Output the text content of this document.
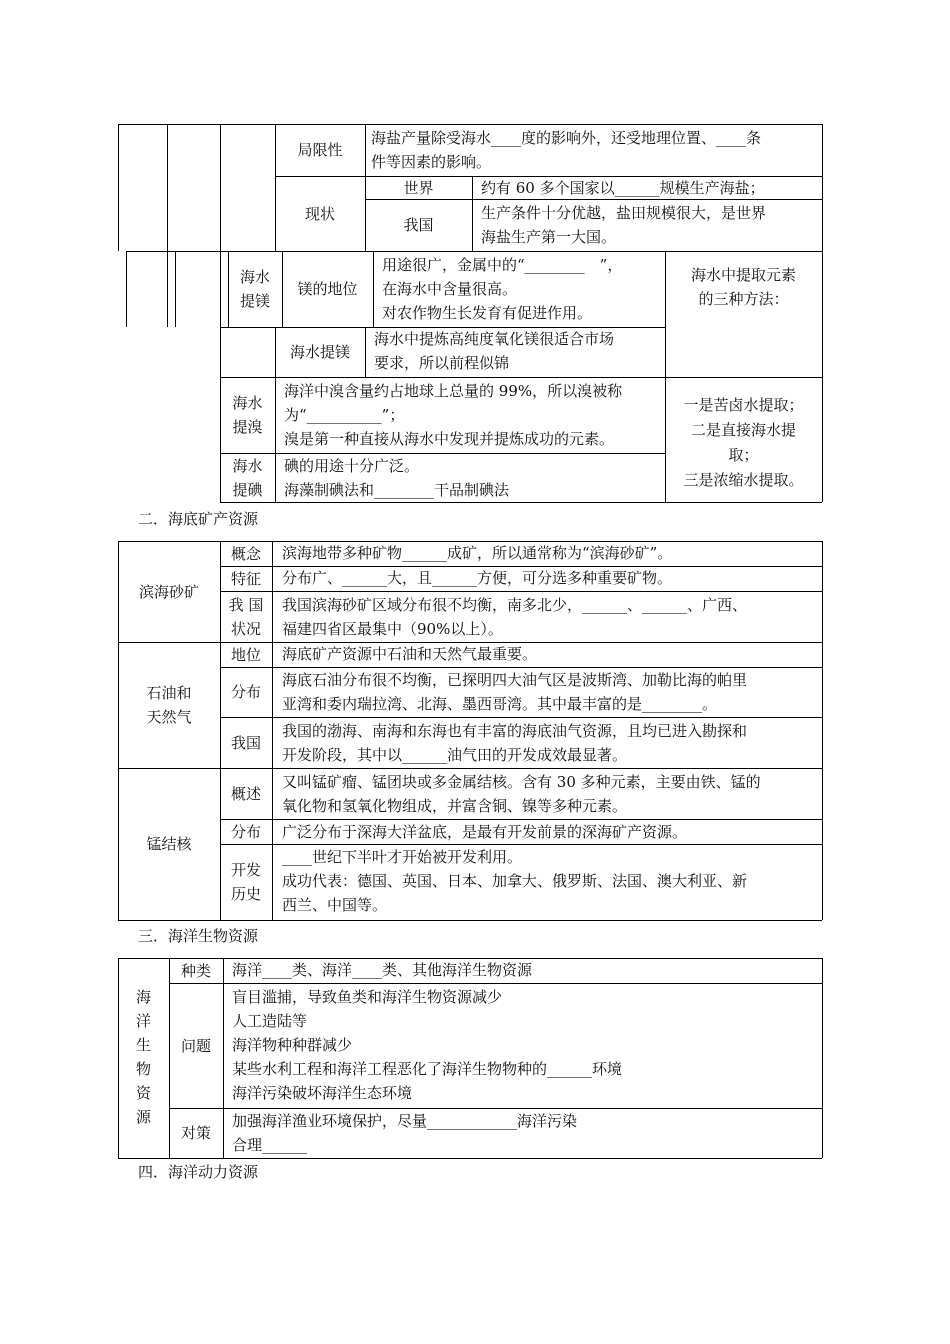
局限性
海盐产量除受海水____度的影响外，还受地理位置、____条
件等因素的影响。
现状
世界	约有 60 多个国家以______规模生产海盐；
我国
生产条件十分优越，盐田规模很大，是世界
海盐生产第一大国。
海水
提镁
镁的地位
用途很广，金属中的“________　”，
在海水中含量很高。
对农作物生长发育有促进作用。
海水中提取元素
的三种方法：
海水提镁
海水中提炼高纯度氧化镁很适合市场
要求，所以前程似锦
海水
提溴
海洋中溴含量约占地球上总量的 99%，所以溴被称
为“__________”；
溴是第一种直接从海水中发现并提炼成功的元素。
一是苦卤水提取；
二是直接海水提
取；
三是浓缩水提取。
海水
提碘
碘的用途十分广泛。
海藻制碘法和________干品制碘法
二．海底矿产资源
滨海砂矿
概念 滨海地带多种矿物______成矿，所以通常称为“滨海砂矿”。
特征 分布广、______大，且______方便，可分选多种重要矿物。
我 国
状况
我国滨海砂矿区域分布很不均衡，南多北少，______、______、广西、
福建四省区最集中（90%以上）。
石油和
天然气
地位 海底矿产资源中石油和天然气最重要。
分布
海底石油分布很不均衡，已探明四大油气区是波斯湾、加勒比海的帕里
亚湾和委内瑞拉湾、北海、墨西哥湾。其中最丰富的是________。
我国
我国的渤海、南海和东海也有丰富的海底油气资源，且均已进入勘探和
开发阶段，其中以______油气田的开发成效最显著。
锰结核
概述
又叫锰矿瘤、锰团块或多金属结核。含有 30 多种元素，主要由铁、锰的
氧化物和氢氧化物组成，并富含铜、镍等多种元素。
分布 广泛分布于深海大洋盆底，是最有开发前景的深海矿产资源。
开发
历史
____世纪下半叶才开始被开发利用。
成功代表：德国、英国、日本、加拿大、俄罗斯、法国、澳大利亚、新
西兰、中国等。
三．海洋生物资源
海
洋
生
物
资
源
种类 海洋____类、海洋____类、其他海洋生物资源
问题
盲目滥捕，导致鱼类和海洋生物资源减少
人工造陆等
海洋物种种群减少
某些水利工程和海洋工程恶化了海洋生物物种的______环境
海洋污染破坏海洋生态环境
对策
加强海洋渔业环境保护，尽量____________海洋污染
合理______
四．海洋动力资源
